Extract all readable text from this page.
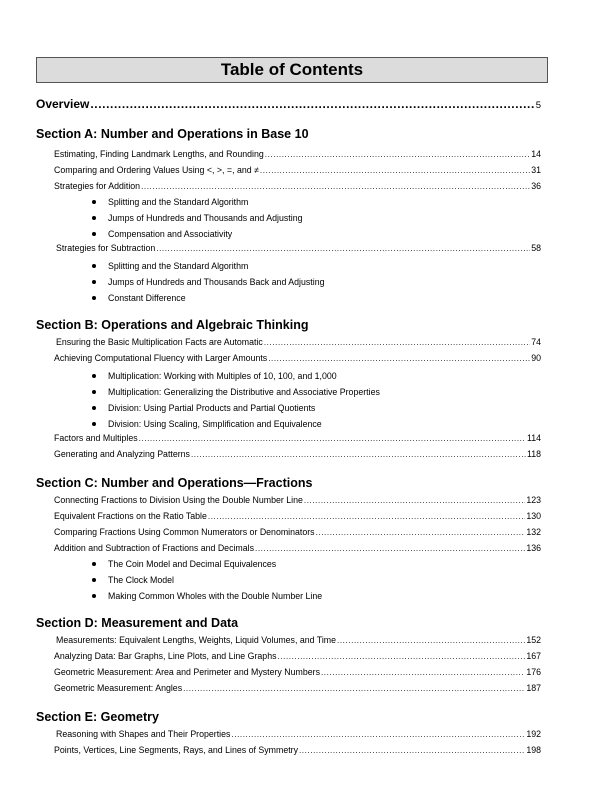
Table of Contents
Overview .....	5
Section A: Number and Operations in Base 10
Estimating, Finding Landmark Lengths, and Rounding .....	14
Comparing and Ordering Values Using <, >, =, and ≠ .....	31
Strategies for Addition .....	36
Splitting and the Standard Algorithm
Jumps of Hundreds and Thousands and Adjusting
Compensation and Associativity
Strategies for Subtraction .....	58
Splitting and the Standard Algorithm
Jumps of Hundreds and Thousands Back and Adjusting
Constant Difference
Section B: Operations and Algebraic Thinking
Ensuring the Basic Multiplication Facts are Automatic .....	74
Achieving Computational Fluency with Larger Amounts .....	90
Multiplication: Working with Multiples of 10, 100, and 1,000
Multiplication: Generalizing the Distributive and Associative Properties
Division: Using Partial Products and Partial Quotients
Division: Using Scaling, Simplification and Equivalence
Factors and Multiples .....	114
Generating and Analyzing Patterns .....	118
Section C: Number and Operations—Fractions
Connecting Fractions to Division Using the Double Number Line .....	123
Equivalent Fractions on the Ratio Table .....	130
Comparing Fractions Using Common Numerators or Denominators .....	132
Addition and Subtraction of Fractions and Decimals .....	136
The Coin Model and Decimal Equivalences
The Clock Model
Making Common Wholes with the Double Number Line
Section D: Measurement and Data
Measurements: Equivalent Lengths, Weights, Liquid Volumes, and Time .....	152
Analyzing Data: Bar Graphs, Line Plots, and Line Graphs .....	167
Geometric Measurement: Area and Perimeter and Mystery Numbers .....	176
Geometric Measurement: Angles .....	187
Section E: Geometry
Reasoning with Shapes and Their Properties .....	192
Points, Vertices, Line Segments, Rays, and Lines of Symmetry .....	198
